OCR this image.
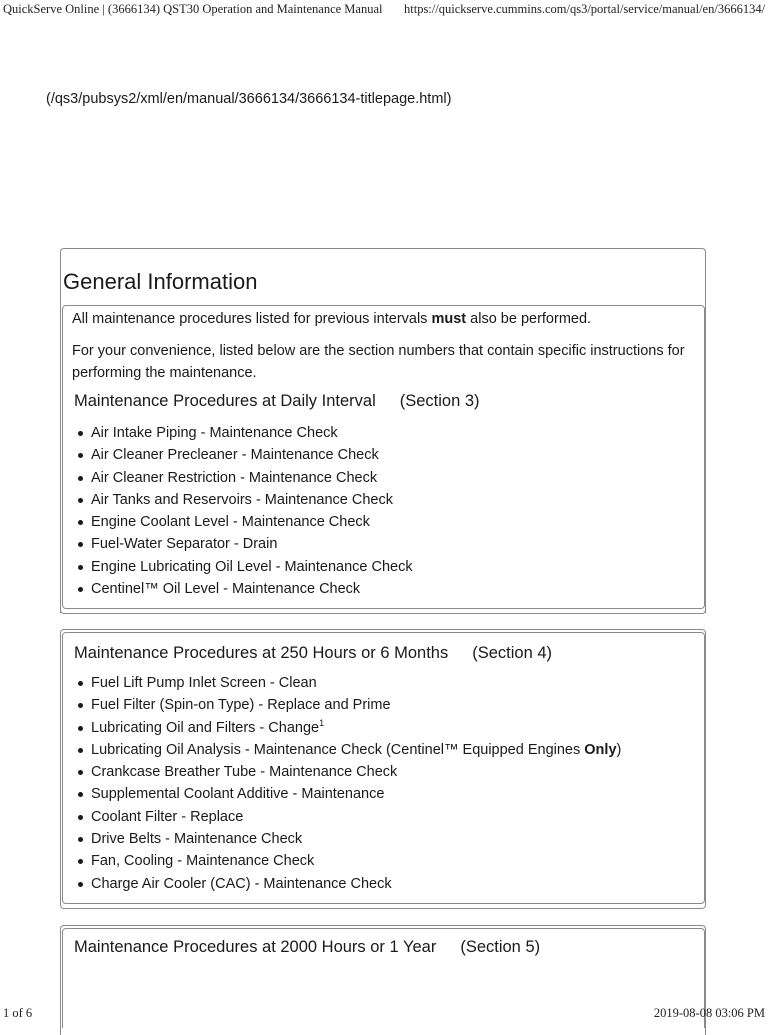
QuickServe Online | (3666134) QST30 Operation and Maintenance Manual https://quickserve.cummins.com/qs3/portal/service/manual/en/3666134/
(/qs3/pubsys2/xml/en/manual/3666134/3666134-titlepage.html)
General Information

All maintenance procedures listed for previous intervals must also be performed.

For your convenience, listed below are the section numbers that contain specific instructions for performing the maintenance.

Maintenance Procedures at Daily Interval (Section 3)
Air Intake Piping - Maintenance Check
Air Cleaner Precleaner - Maintenance Check
Air Cleaner Restriction - Maintenance Check
Air Tanks and Reservoirs - Maintenance Check
Engine Coolant Level - Maintenance Check
Fuel-Water Separator - Drain
Engine Lubricating Oil Level - Maintenance Check
Centinel™ Oil Level - Maintenance Check
Maintenance Procedures at 250 Hours or 6 Months (Section 4)
Fuel Lift Pump Inlet Screen - Clean
Fuel Filter (Spin-on Type) - Replace and Prime
Lubricating Oil and Filters - Change$^1$
Lubricating Oil Analysis - Maintenance Check (Centinel™ Equipped Engines Only)
Crankcase Breather Tube - Maintenance Check
Supplemental Coolant Additive - Maintenance
Coolant Filter - Replace
Drive Belts - Maintenance Check
Fan, Cooling - Maintenance Check
Charge Air Cooler (CAC) - Maintenance Check
Maintenance Procedures at 2000 Hours or 1 Year (Section 5)
1 of 6	2019-08-08 03:06 PM
